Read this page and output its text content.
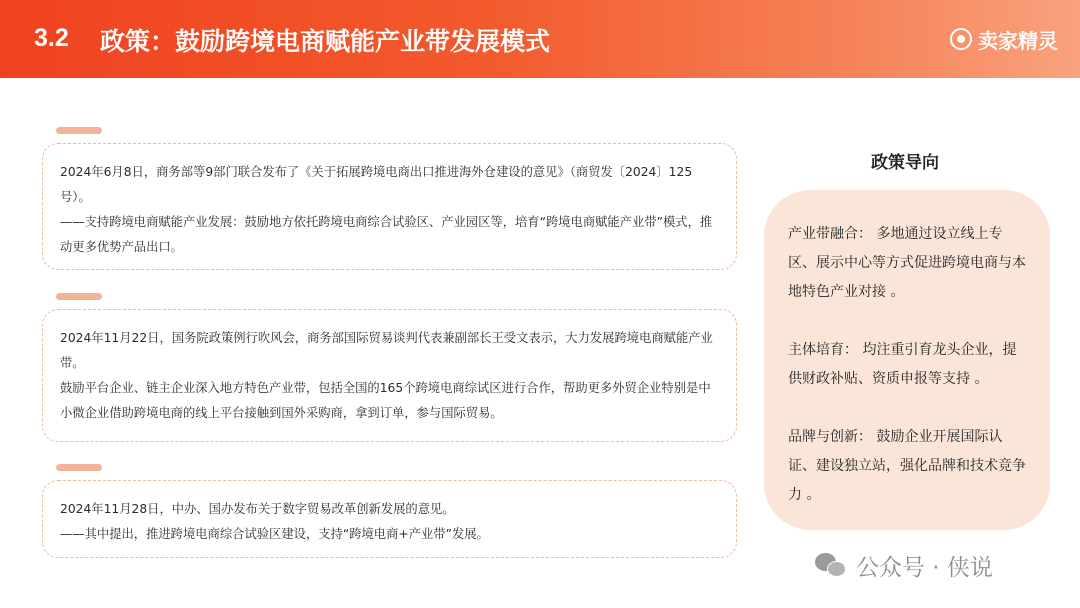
3.2 政策：鼓励跨境电商赋能产业带发展模式	卖家精灵

2024年6月8日，商务部等9部门联合发布了《关于拓展跨境电商出口推进海外仓建设的意见》（商贸发〔2024〕125号）。

——支持跨境电商赋能产业发展：鼓励地方依托跨境电商综合试验区、产业园区等，培育“跨境电商赋能产业带”模式，推动更多优势产品出口。

2024年11月22日，国务院政策例行吹风会，商务部国际贸易谈判代表兼副部长王受文表示，大力发展跨境电商赋能产业带。

鼓励平台企业、链主企业深入地方特色产业带，包括全国的165个跨境电商综试区进行合作，帮助更多外贸企业特别是中小微企业借助跨境电商的线上平台接触到国外采购商，拿到订单，参与国际贸易。

2024年11月28日，中办、国办发布关于数字贸易改革创新发展的意见。

——其中提出，推进跨境电商综合试验区建设，支持“跨境电商+产业带”发展。

政策导向

产业带融合： 多地通过设立线上专区、展示中心等方式促进跨境电商与本地特色产业对接 。

主体培育： 均注重引育龙头企业，提供财政补贴、资质申报等支持 。

品牌与创新： 鼓励企业开展国际认证、建设独立站，强化品牌和技术竞争力 。

公众号 · 侠说
